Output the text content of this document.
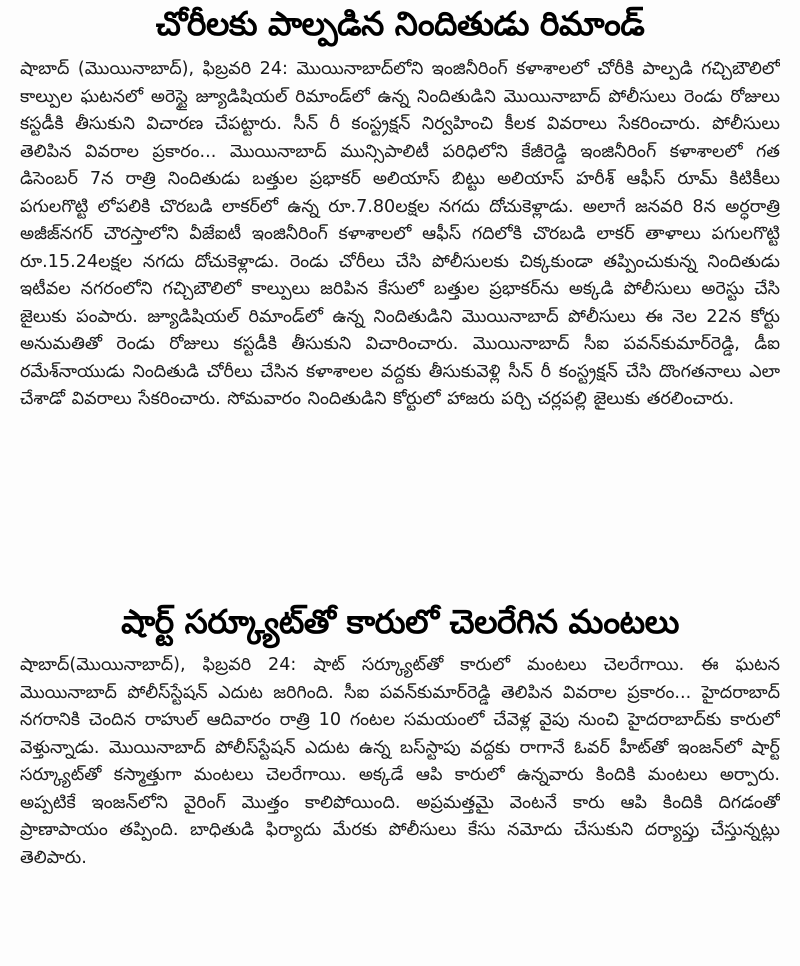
చోరీలకు పాల్పడిన నిందితుడు రిమాండ్

షాబాద్ (మొయినాబాద్), ఫిబ్రవరి 24: మొయినాబాద్‌లోని ఇంజినీరింగ్ కళాశాలలో చోరీకి పాల్పడి గచ్చిబౌలిలో కాల్పుల ఘటనలో అరెస్టై జ్యూడిషియల్ రిమాండ్‌లో ఉన్న నిందితుడిని మొయినాబాద్ పోలీసులు రెండు రోజులు కస్టడీకి తీసుకుని విచారణ చేపట్టారు. సీన్ రీ కంస్ట్రక్షన్ నిర్వహించి కీలక వివరాలు సేకరించారు. పోలీసులు తెలిపిన వివరాల ప్రకారం... మొయినాబాద్ మున్సిపాలిటీ పరిధిలోని కేజీరెడ్డి ఇంజినీరింగ్ కళాశాలలో గత డిసెంబర్ 7న రాత్రి నిందితుడు బత్తుల ప్రభాకర్ అలియాస్ బిట్టు అలియాస్ హరీశ్ ఆఫీస్ రూమ్ కిటికీలు పగులగొట్టి లోపలికి చొరబడి లాకర్‌లో ఉన్న రూ.7.80లక్షల నగదు దోచుకెళ్లాడు. అలాగే జనవరి 8న అర్ధరాత్రి అజీజ్‌నగర్ చౌరస్తాలోని వీజేఐటీ ఇంజినీరింగ్ కళాశాలలో ఆఫీస్ గదిలోకి చొరబడి లాకర్ తాళాలు పగులగొట్టి రూ.15.24లక్షల నగదు దోచుకెళ్లాడు. రెండు చోరీలు చేసి పోలీసులకు చిక్కకుండా తప్పించుకున్న నిందితుడు ఇటీవల నగరంలోని గచ్చిబౌలిలో కాల్పులు జరిపిన కేసులో బత్తుల ప్రభాకర్‌ను అక్కడి పోలీసులు అరెస్టు చేసి జైలుకు పంపారు. జ్యూడిషియల్ రిమాండ్‌లో ఉన్న నిందితుడిని మొయినాబాద్ పోలీసులు ఈ నెల 22న కోర్టు అనుమతితో రెండు రోజులు కస్టడీకి తీసుకుని విచారించారు. మొయినాబాద్ సీఐ పవన్‌కుమార్‌రెడ్డి, డీఐ రమేశ్‌నాయుడు నిందితుడి చోరీలు చేసిన కళాశాలల వద్దకు తీసుకువెళ్లి సీన్ రీ కంస్ట్రక్షన్ చేసి దొంగతనాలు ఎలా చేశాడో వివరాలు సేకరించారు. సోమవారం నిందితుడిని కోర్టులో హాజరు పర్చి చర్లపల్లి జైలుకు తరలించారు.

షార్ట్ సర్క్యూట్‌తో కారులో చెలరేగిన మంటలు

షాబాద్(మొయినాబాద్), ఫిబ్రవరి 24: షాట్ సర్క్యూట్‌తో కారులో మంటలు చెలరేగాయి. ఈ ఘటన మొయినాబాద్ పోలీస్‌స్టేషన్ ఎదుట జరిగింది. సీఐ పవన్‌కుమార్‌రెడ్డి తెలిపిన వివరాల ప్రకారం... హైదరాబాద్ నగరానికి చెందిన రాహుల్ ఆదివారం రాత్రి 10 గంటల సమయంలో చేవెళ్ల వైపు నుంచి హైదరాబాద్‌కు కారులో వెళ్తున్నాడు. మొయినాబాద్ పోలీస్‌స్టేషన్ ఎదుట ఉన్న బస్‌స్టాపు వద్దకు రాగానే ఓవర్ హీట్‌తో ఇంజన్‌లో షార్ట్ సర్క్యూట్‌తో కస్మాత్తుగా మంటలు చెలరేగాయి. అక్కడే ఆపి కారులో ఉన్నవారు కిందికి మంటలు అర్పారు. అప్పటికే ఇంజన్‌లోని వైరింగ్ మొత్తం కాలిపోయింది. అప్రమత్తమై వెంటనే కారు ఆపి కిందికి దిగడంతో ప్రాణాపాయం తప్పింది. బాధితుడి ఫిర్యాదు మేరకు పోలీసులు కేసు నమోదు చేసుకుని దర్యాప్తు చేస్తున్నట్లు తెలిపారు.
